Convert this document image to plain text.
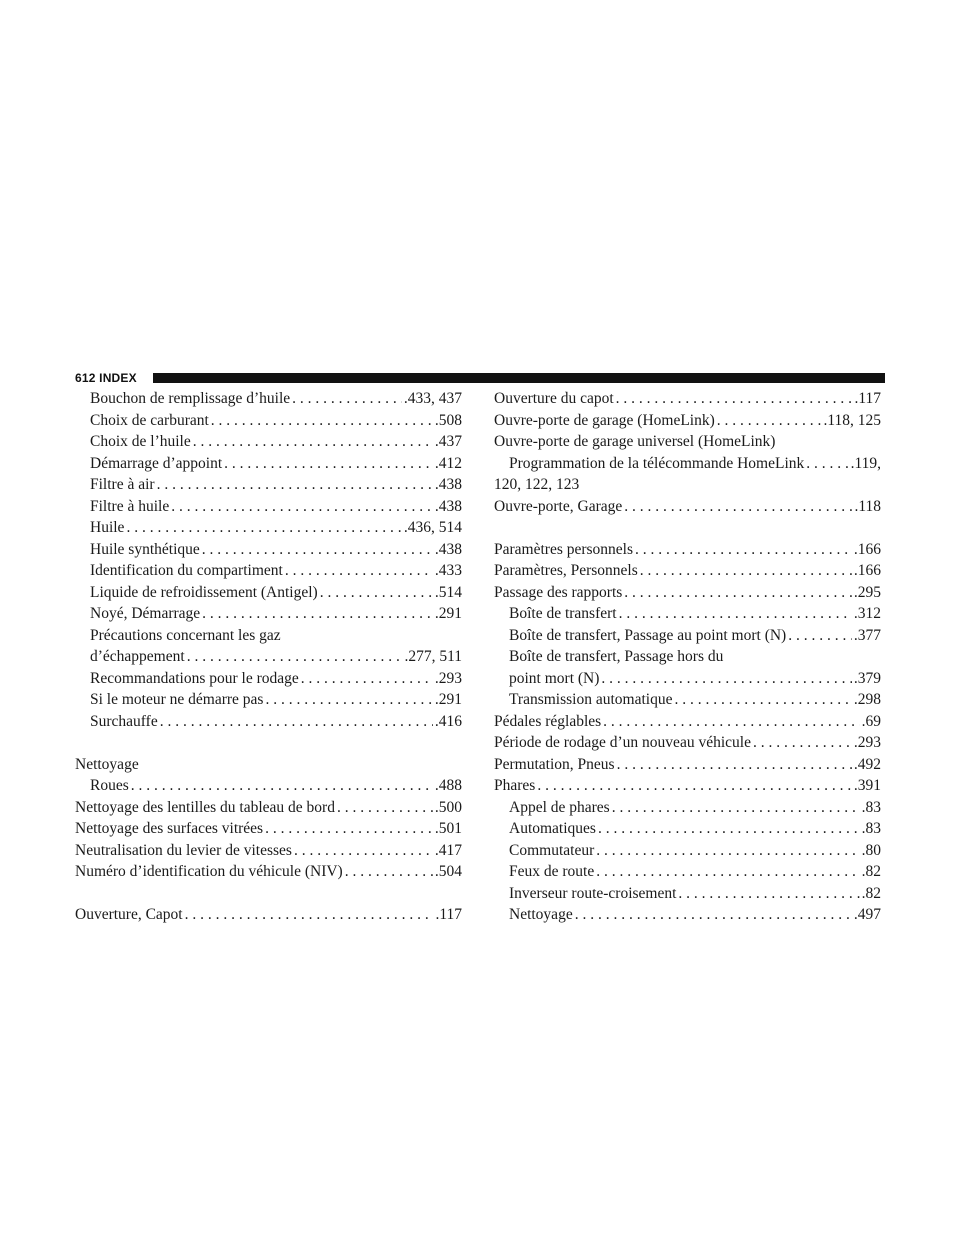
612 INDEX
Bouchon de remplissage d’huile . . .	.433, 437
Choix de carburant . . .	.508
Choix de l’huile . . .	.437
Démarrage d’appoint . . .	.412
Filtre à air . . .	.438
Filtre à huile . . .	.438
Huile . . .	.436, 514
Huile synthétique . . .	.438
Identification du compartiment . . .	.433
Liquide de refroidissement (Antigel) . . .	.514
Noyé, Démarrage . . .	.291
Précautions concernant les gaz
d’échappement . . .	.277, 511
Recommandations pour le rodage . . .	.293
Si le moteur ne démarre pas . . .	.291
Surchauffe . . .	.416
Nettoyage
Roues . . .	.488
Nettoyage des lentilles du tableau de bord . . .	.500
Nettoyage des surfaces vitrées . . .	.501
Neutralisation du levier de vitesses . . .	.417
Numéro d’identification du véhicule (NIV) . . .	.504
Ouverture, Capot . . .	.117
Ouverture du capot . . .	.117
Ouvre-porte de garage (HomeLink) . . .	.118, 125
Ouvre-porte de garage universel (HomeLink)
Programmation de la télécommande HomeLink . . .	.119,
120, 122, 123
Ouvre-porte, Garage . . .	.118
Paramètres personnels . . .	.166
Paramètres, Personnels . . .	.166
Passage des rapports . . .	.295
Boîte de transfert . . .	.312
Boîte de transfert, Passage au point mort (N) . . .	.377
Boîte de transfert, Passage hors du
point mort (N) . . .	.379
Transmission automatique . . .	.298
Pédales réglables . . .	.69
Période de rodage d’un nouveau véhicule . . .	.293
Permutation, Pneus . . .	.492
Phares . . .	.391
Appel de phares . . .	.83
Automatiques . . .	.83
Commutateur . . .	.80
Feux de route . . .	.82
Inverseur route-croisement . . .	.82
Nettoyage . . .	.497
